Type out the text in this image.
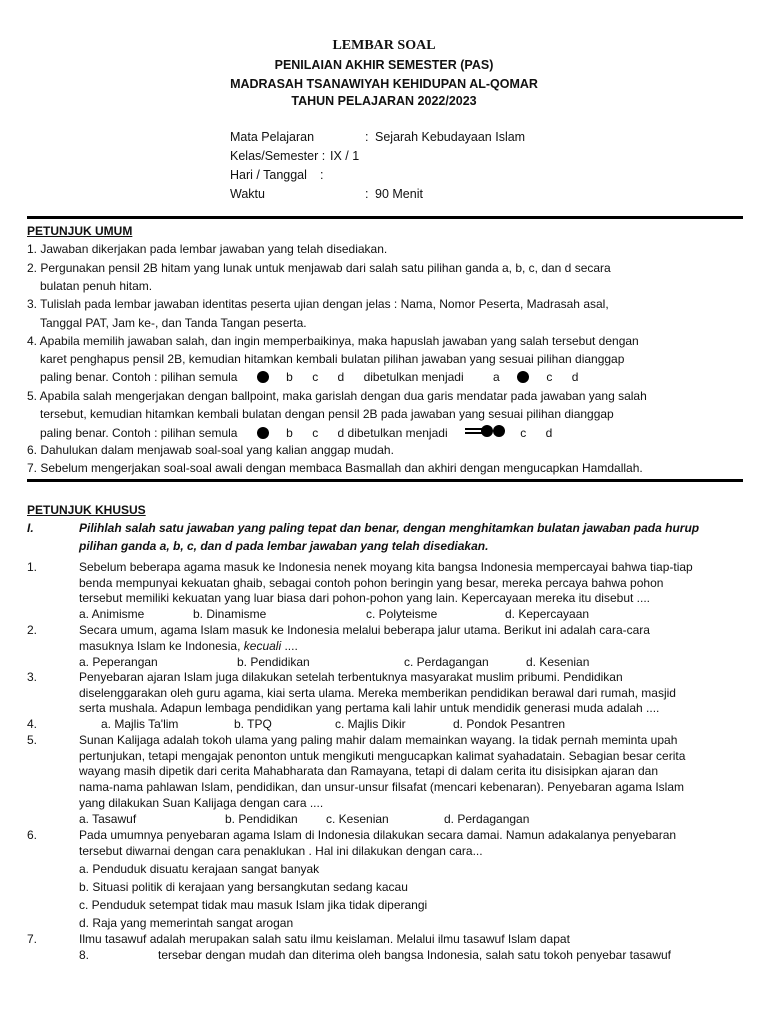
LEMBAR SOAL
PENILAIAN AKHIR SEMESTER (PAS)
MADRASAH TSANAWIYAH KEHIDUPAN AL-QOMAR
TAHUN PELAJARAN 2022/2023
Mata Pelajaran	: Sejarah Kebudayaan Islam
Kelas/Semester : IX / 1
Hari / Tanggal :
Waktu	: 90 Menit
PETUNJUK UMUM
1. Jawaban dikerjakan pada lembar jawaban yang telah disediakan.
2. Pergunakan pensil 2B hitam yang lunak untuk menjawab dari salah satu pilihan ganda a, b, c, dan d secara
bulatan penuh hitam.
3. Tulislah pada lembar jawaban identitas peserta ujian dengan jelas : Nama, Nomor Peserta, Madrasah asal,
Tanggal PAT, Jam ke-, dan Tanda Tangan peserta.
4. Apabila memilih jawaban salah, dan ingin memperbaikinya, maka hapuslah jawaban yang salah tersebut dengan
karet penghapus pensil 2B, kemudian hitamkan kembali bulatan pilihan jawaban yang sesuai pilihan dianggap
paling benar. Contoh : pilihan semula	b c d dibetulkan menjadi a	c d
5. Apabila salah mengerjakan dengan ballpoint, maka garislah dengan dua garis mendatar pada jawaban yang salah
tersebut, kemudian hitamkan kembali bulatan dengan pensil 2B pada jawaban yang sesuai pilihan dianggap
paling benar. Contoh : pilihan semula	b c d dibetulkan menjadi	c d
6. Dahulukan dalam menjawab soal-soal yang kalian anggap mudah.
7. Sebelum mengerjakan soal-soal awali dengan membaca Basmallah dan akhiri dengan mengucapkan Hamdallah.
PETUNJUK KHUSUS
I.	Pilihlah salah satu jawaban yang paling tepat dan benar, dengan menghitamkan bulatan jawaban pada hurup
pilihan ganda a, b, c, dan d pada lembar jawaban yang telah disediakan.
1.	Sebelum beberapa agama masuk ke Indonesia nenek moyang kita bangsa Indonesia mempercayai bahwa tiap-tiap
benda mempunyai kekuatan ghaib, sebagai contoh pohon beringin yang besar, mereka percaya bahwa pohon
tersebut memiliki kekuatan yang luar biasa dari pohon-pohon yang lain. Kepercayaan mereka itu disebut ....
a. Animisme	b. Dinamisme	c. Polyteisme	d. Kepercayaan
2.	Secara umum, agama Islam masuk ke Indonesia melalui beberapa jalur utama. Berikut ini adalah cara-cara
masuknya Islam ke Indonesia, kecuali ....
a. Peperangan	b. Pendidikan	c. Perdagangan	d. Kesenian
3.	Penyebaran ajaran Islam juga dilakukan setelah terbentuknya masyarakat muslim pribumi. Pendidikan
diselenggarakan oleh guru agama, kiai serta ulama. Mereka memberikan pendidikan berawal dari rumah, masjid
serta mushala. Adapun lembaga pendidikan yang pertama kali lahir untuk mendidik generasi muda adalah ....
4.	a. Majlis Ta'lim	b. TPQ	c. Majlis Dikir	d. Pondok Pesantren
5.	Sunan Kalijaga adalah tokoh ulama yang paling mahir dalam memainkan wayang. Ia tidak pernah meminta upah
pertunjukan, tetapi mengajak penonton untuk mengikuti mengucapkan kalimat syahadatain. Sebagian besar cerita
wayang masih dipetik dari cerita Mahabharata dan Ramayana, tetapi di dalam cerita itu disisipkan ajaran dan
nama-nama pahlawan Islam, pendidikan, dan unsur-unsur filsafat (mencari kebenaran). Penyebaran agama Islam
yang dilakukan Suan Kalijaga dengan cara ....
a. Tasawuf	b. Pendidikan c. Kesenian	d. Perdagangan
6.	Pada umumnya penyebaran agama Islam di Indonesia dilakukan secara damai. Namun adakalanya penyebaran
tersebut diwarnai dengan cara penaklukan . Hal ini dilakukan dengan cara...
a. Penduduk disuatu kerajaan sangat banyak
b. Situasi politik di kerajaan yang bersangkutan sedang kacau
c. Penduduk setempat tidak mau masuk Islam jika tidak diperangi
d. Raja yang memerintah sangat arogan
7.	Ilmu tasawuf adalah merupakan salah satu ilmu keislaman. Melalui ilmu tasawuf Islam dapat
8.	tersebar dengan mudah dan diterima oleh bangsa Indonesia, salah satu tokoh penyebar tasawuf
